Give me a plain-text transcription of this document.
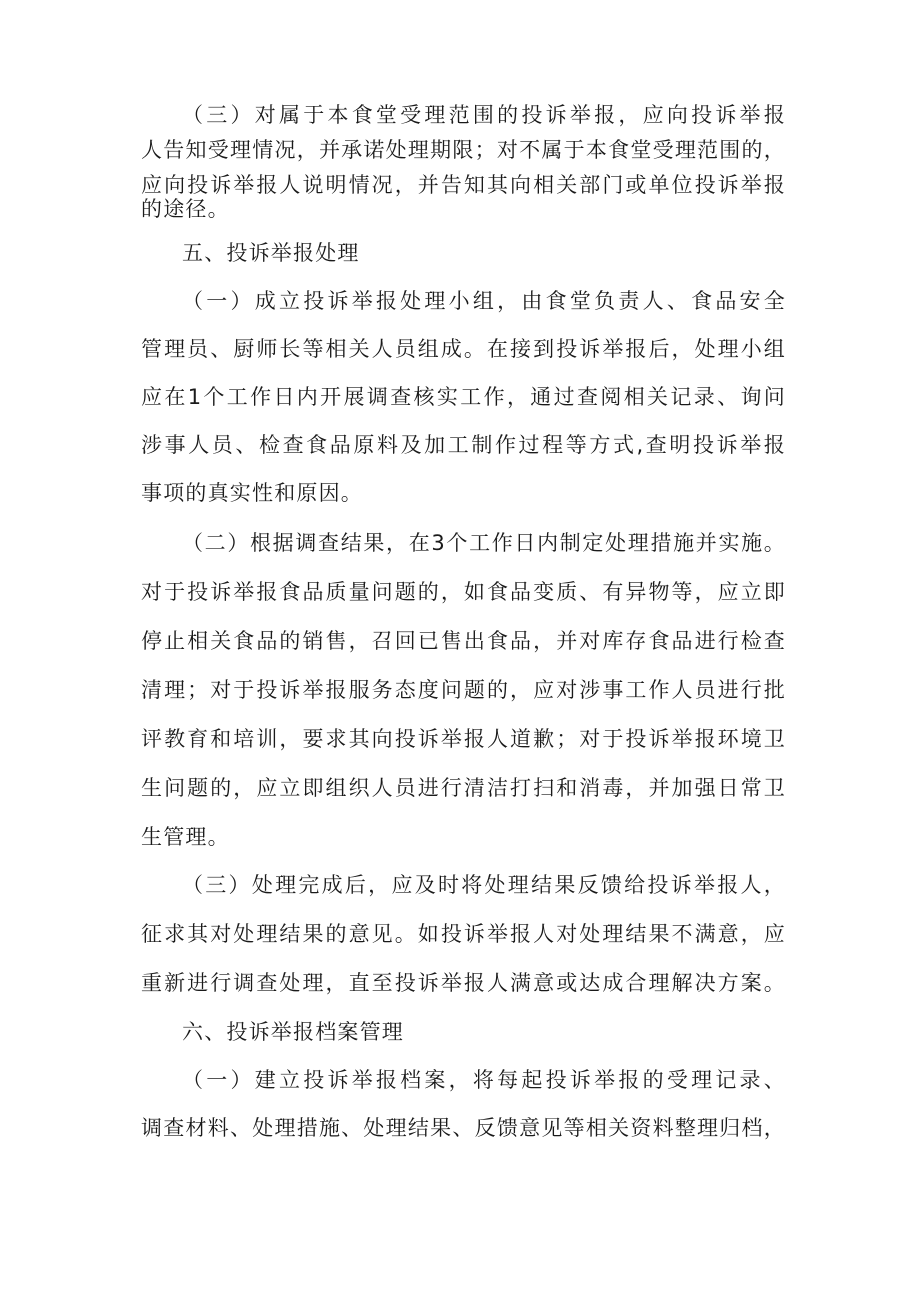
（三）对属于本食堂受理范围的投诉举报，应向投诉举报
人告知受理情况，并承诺处理期限；对不属于本食堂受理范围的，
应向投诉举报人说明情况，并告知其向相关部门或单位投诉举报
的途径。
五、投诉举报处理
（一）成立投诉举报处理小组，由食堂负责人、食品安全
管理员、厨师长等相关人员组成。在接到投诉举报后，处理小组
应在1个工作日内开展调查核实工作，通过查阅相关记录、询问
涉事人员、检查食品原料及加工制作过程等方式,查明投诉举报
事项的真实性和原因。
（二）根据调查结果，在3个工作日内制定处理措施并实施。
对于投诉举报食品质量问题的，如食品变质、有异物等，应立即
停止相关食品的销售，召回已售出食品，并对库存食品进行检查
清理；对于投诉举报服务态度问题的，应对涉事工作人员进行批
评教育和培训，要求其向投诉举报人道歉；对于投诉举报环境卫
生问题的，应立即组织人员进行清洁打扫和消毒，并加强日常卫
生管理。
（三）处理完成后，应及时将处理结果反馈给投诉举报人，
征求其对处理结果的意见。如投诉举报人对处理结果不满意，应
重新进行调查处理，直至投诉举报人满意或达成合理解决方案。
六、投诉举报档案管理
（一）建立投诉举报档案，将每起投诉举报的受理记录、
调查材料、处理措施、处理结果、反馈意见等相关资料整理归档，
